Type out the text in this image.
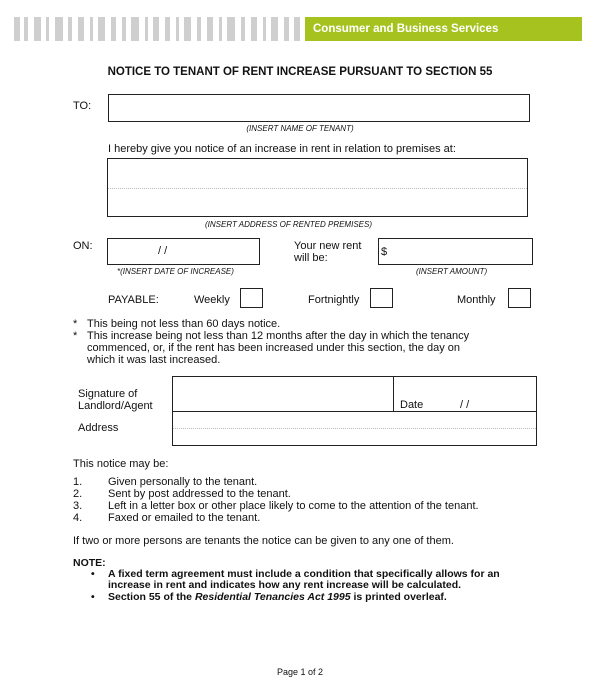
Consumer and Business Services
NOTICE TO TENANT OF RENT INCREASE PURSUANT TO SECTION 55
TO:
(INSERT NAME OF TENANT)
I hereby give you notice of an increase in rent in relation to premises at:
(INSERT ADDRESS OF RENTED PREMISES)
ON:	/ /
*(INSERT DATE OF INCREASE)
Your new rent
will be:	$
(INSERT AMOUNT)
PAYABLE:	Weekly	Fortnightly	Monthly
* This being not less than 60 days notice.
* This increase being not less than 12 months after the day in which the tenancy
commenced, or, if the rent has been increased under this section, the day on
which it was last increased.
Signature of
Landlord/Agent	Date	/ /
Address
This notice may be:
1. Given personally to the tenant.
2. Sent by post addressed to the tenant.
3. Left in a letter box or other place likely to come to the attention of the tenant.
4. Faxed or emailed to the tenant.
If two or more persons are tenants the notice can be given to any one of them.
NOTE:
• A fixed term agreement must include a condition that specifically allows for an
increase in rent and indicates how any rent increase will be calculated.
• Section 55 of the Residential Tenancies Act 1995 is printed overleaf.
Page 1 of 2
